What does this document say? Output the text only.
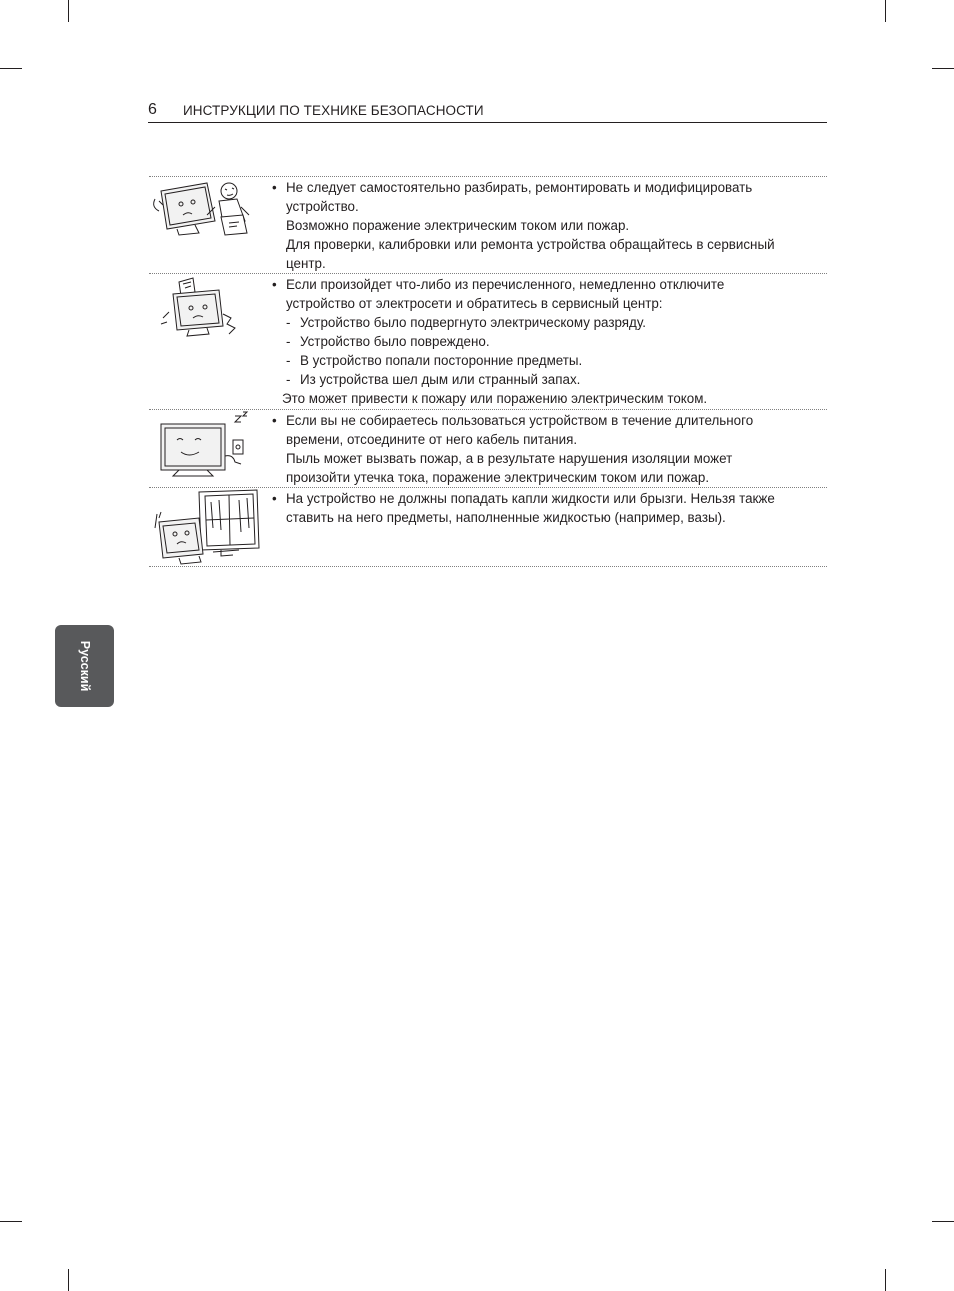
6 ИНСТРУКЦИИ ПО ТЕХНИКЕ БЕЗОПАСНОСТИ
• Не следует самостоятельно разбирать, ремонтировать и модифицировать
устройство.
Возможно поражение электрическим током или пожар.
Для проверки, калибровки или ремонта устройства обращайтесь в сервисный
центр.
• Если произойдет что-либо из перечисленного, немедленно отключите
устройство от электросети и обратитесь в сервисный центр:
- Устройство было подвергнуто электрическому разряду.
- Устройство было повреждено.
- В устройство попали посторонние предметы.
- Из устройства шел дым или странный запах.
Это может привести к пожару или поражению электрическим током.
• Если вы не собираетесь пользоваться устройством в течение длительного
времени, отсоедините от него кабель питания.
Пыль может вызвать пожар, а в результате нарушения изоляции может
произойти утечка тока, поражение электрическим током или пожар.
• На устройство не должны попадать капли жидкости или брызги. Нельзя также
ставить на него предметы, наполненные жидкостью (например, вазы).
Русский
